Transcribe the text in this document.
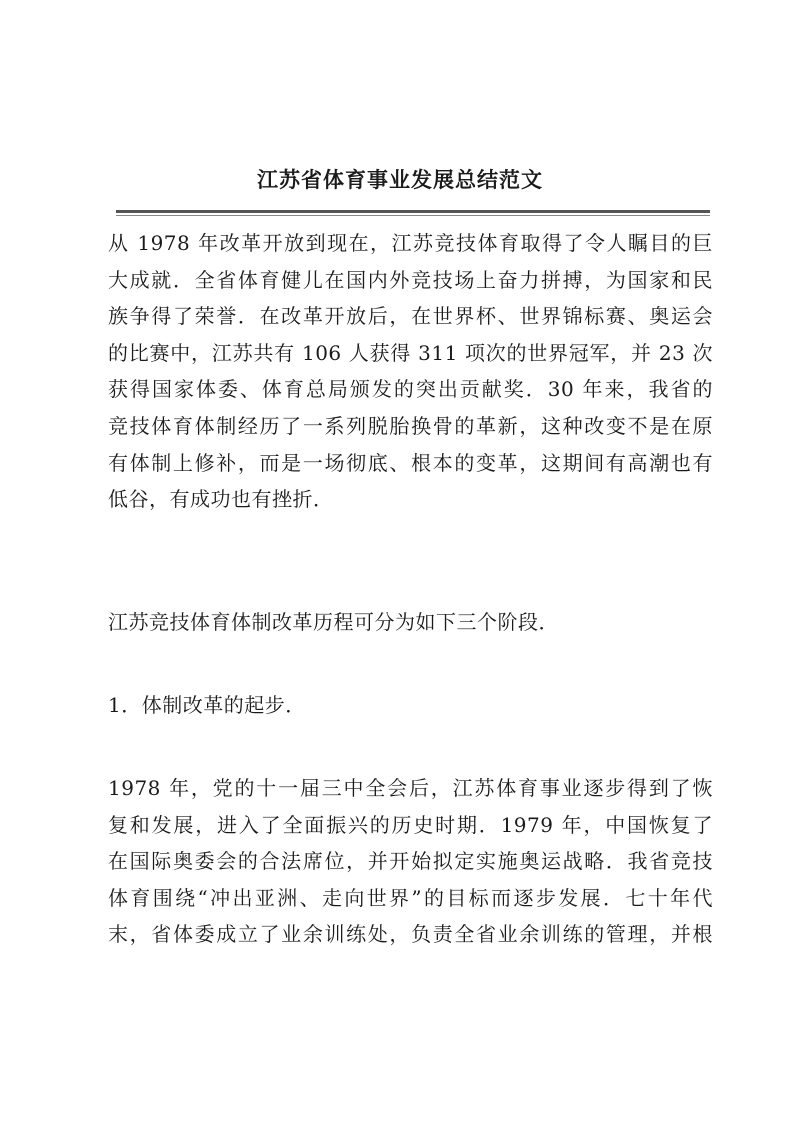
江苏省体育事业发展总结范文
从 1978 年改革开放到现在，江苏竞技体育取得了令人瞩目的巨
大成就．全省体育健儿在国内外竞技场上奋力拼搏，为国家和民
族争得了荣誉．在改革开放后，在世界杯、世界锦标赛、奥运会
的比赛中，江苏共有 106 人获得 311 项次的世界冠军，并 23 次
获得国家体委、体育总局颁发的突出贡献奖．30 年来，我省的
竞技体育体制经历了一系列脱胎换骨的革新，这种改变不是在原
有体制上修补，而是一场彻底、根本的变革，这期间有高潮也有
低谷，有成功也有挫折．
江苏竞技体育体制改革历程可分为如下三个阶段．
1．体制改革的起步．
1978 年，党的十一届三中全会后，江苏体育事业逐步得到了恢
复和发展，进入了全面振兴的历史时期．1979 年，中国恢复了
在国际奥委会的合法席位，并开始拟定实施奥运战略．我省竞技
体育围绕“冲出亚洲、走向世界”的目标而逐步发展．七十年代
末，省体委成立了业余训练处，负责全省业余训练的管理，并根
